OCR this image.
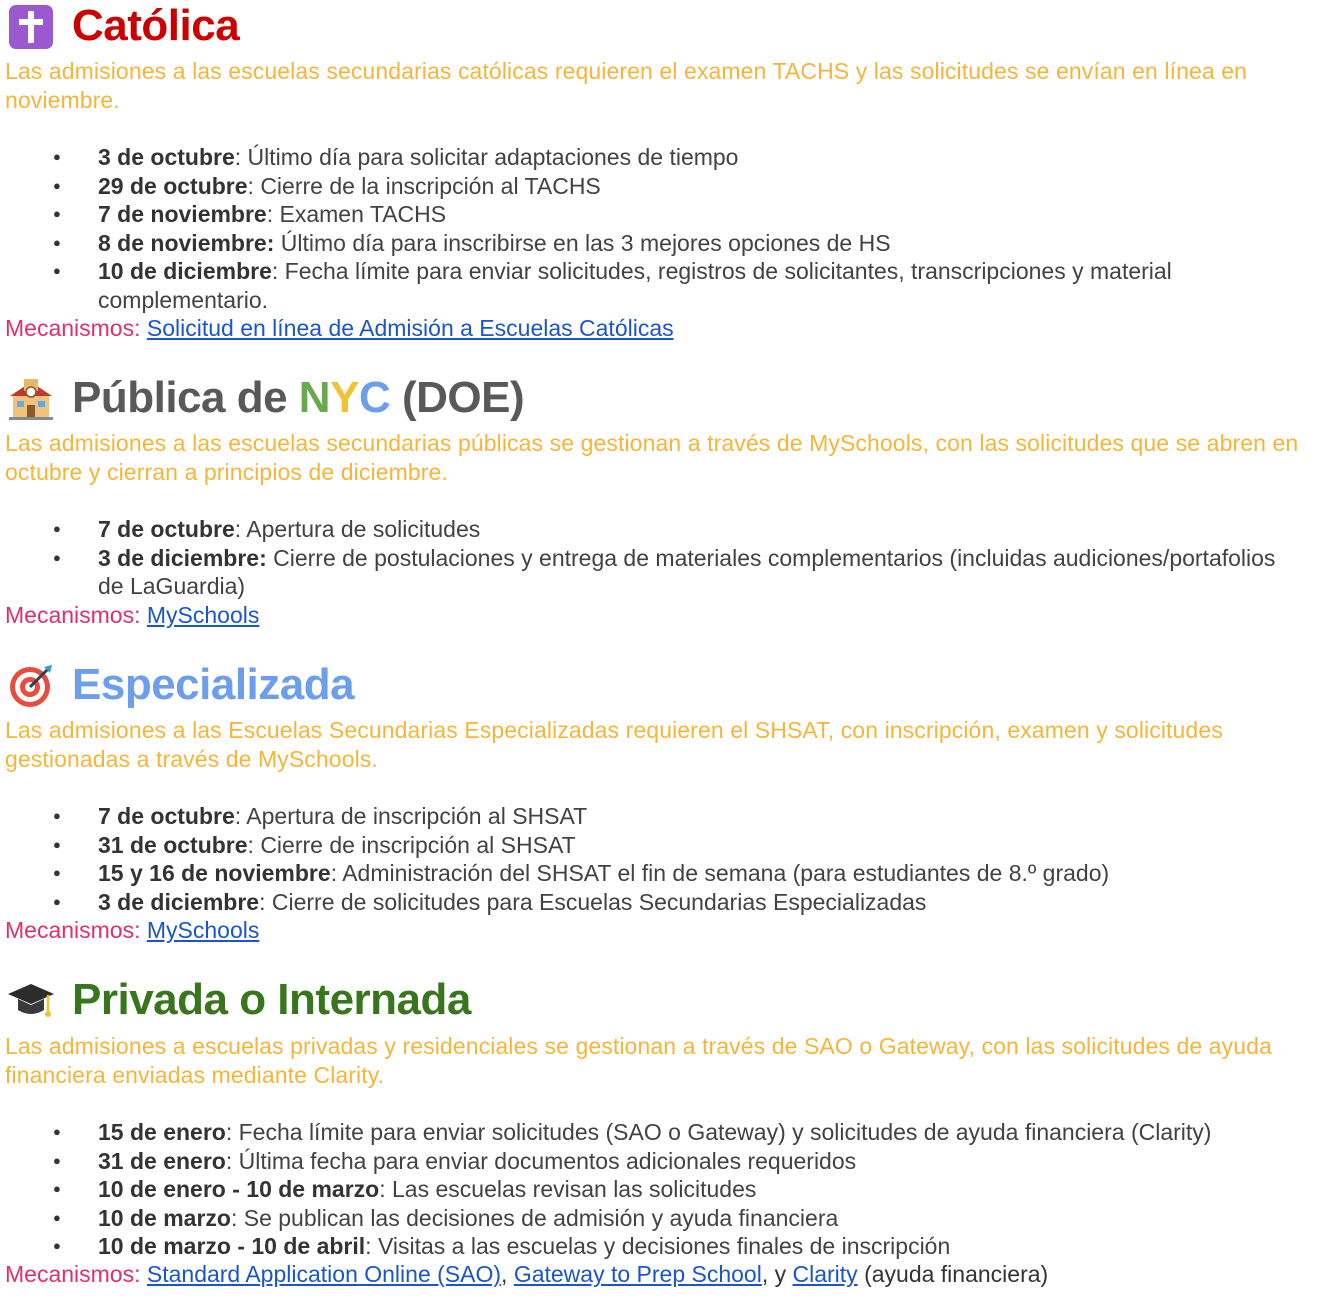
Católica
Las admisiones a las escuelas secundarias católicas requieren el examen TACHS y las solicitudes se envían en línea en noviembre.
● 3 de octubre: Último día para solicitar adaptaciones de tiempo
● 29 de octubre: Cierre de la inscripción al TACHS
● 7 de noviembre: Examen TACHS
● 8 de noviembre: Último día para inscribirse en las 3 mejores opciones de HS
● 10 de diciembre: Fecha límite para enviar solicitudes, registros de solicitantes, transcripciones y material complementario.
Mecanismos: Solicitud en línea de Admisión a Escuelas Católicas
Pública de NYC (DOE)
Las admisiones a las escuelas secundarias públicas se gestionan a través de MySchools, con las solicitudes que se abren en octubre y cierran a principios de diciembre.
● 7 de octubre: Apertura de solicitudes
● 3 de diciembre: Cierre de postulaciones y entrega de materiales complementarios (incluidas audiciones/portafolios de LaGuardia)
Mecanismos: MySchools
Especializada
Las admisiones a las Escuelas Secundarias Especializadas requieren el SHSAT, con inscripción, examen y solicitudes gestionadas a través de MySchools.
● 7 de octubre: Apertura de inscripción al SHSAT
● 31 de octubre: Cierre de inscripción al SHSAT
● 15 y 16 de noviembre: Administración del SHSAT el fin de semana (para estudiantes de 8.º grado)
● 3 de diciembre: Cierre de solicitudes para Escuelas Secundarias Especializadas
Mecanismos: MySchools
Privada o Internada
Las admisiones a escuelas privadas y residenciales se gestionan a través de SAO o Gateway, con las solicitudes de ayuda financiera enviadas mediante Clarity.
● 15 de enero: Fecha límite para enviar solicitudes (SAO o Gateway) y solicitudes de ayuda financiera (Clarity)
● 31 de enero: Última fecha para enviar documentos adicionales requeridos
● 10 de enero - 10 de marzo: Las escuelas revisan las solicitudes
● 10 de marzo: Se publican las decisiones de admisión y ayuda financiera
● 10 de marzo - 10 de abril: Visitas a las escuelas y decisiones finales de inscripción
Mecanismos: Standard Application Online (SAO), Gateway to Prep School, y Clarity (ayuda financiera)
